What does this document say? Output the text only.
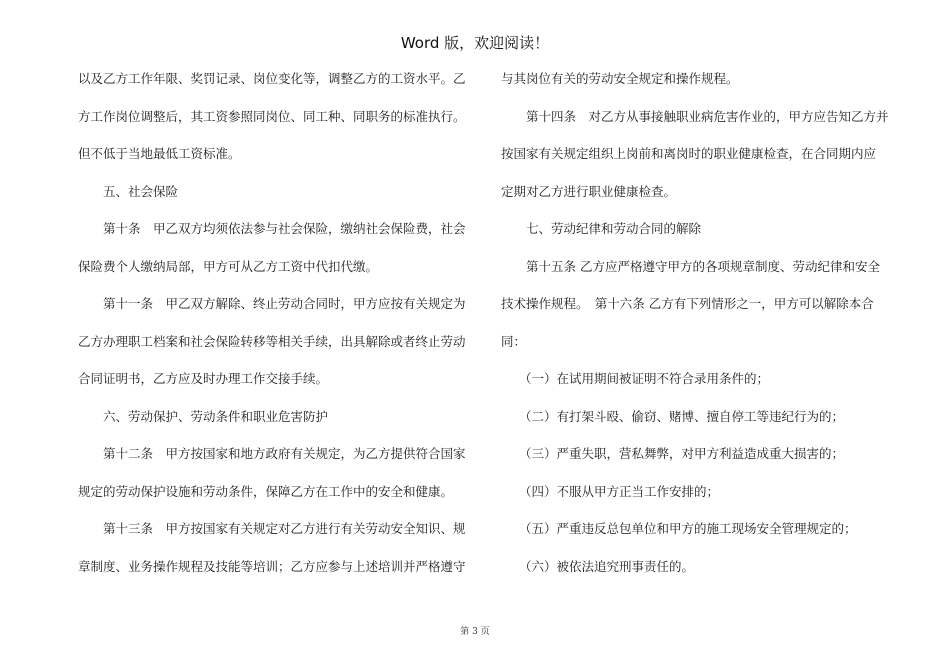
Word 版，欢迎阅读！
以及乙方工作年限、奖罚记录、岗位变化等，调整乙方的工资水平。乙
方工作岗位调整后，其工资参照同岗位、同工种、同职务的标准执行。
但不低于当地最低工资标准。
五、社会保险
第十条　甲乙双方均须依法参与社会保险，缴纳社会保险费，社会
保险费个人缴纳局部，甲方可从乙方工资中代扣代缴。
第十一条　甲乙双方解除、终止劳动合同时，甲方应按有关规定为
乙方办理职工档案和社会保险转移等相关手续，出具解除或者终止劳动
合同证明书，乙方应及时办理工作交接手续。
六、劳动保护、劳动条件和职业危害防护
第十二条　甲方按国家和地方政府有关规定，为乙方提供符合国家
规定的劳动保护设施和劳动条件，保障乙方在工作中的安全和健康。
第十三条　甲方按国家有关规定对乙方进行有关劳动安全知识、规
章制度、业务操作规程及技能等培训；乙方应参与上述培训并严格遵守
与其岗位有关的劳动安全规定和操作规程。
第十四条　对乙方从事接触职业病危害作业的，甲方应告知乙方并
按国家有关规定组织上岗前和离岗时的职业健康检查，在合同期内应
定期对乙方进行职业健康检查。
七、劳动纪律和劳动合同的解除
第十五条 乙方应严格遵守甲方的各项规章制度、劳动纪律和安全
技术操作规程。　第十六条 乙方有下列情形之一，甲方可以解除本合
同：
（一）在试用期间被证明不符合录用条件的；
（二）有打架斗殴、偷窃、赌博、擅自停工等违纪行为的；
（三）严重失职，营私舞弊，对甲方利益造成重大损害的；
（四）不服从甲方正当工作安排的；
（五）严重违反总包单位和甲方的施工现场安全管理规定的；
（六）被依法追究刑事责任的。
第 3 页
